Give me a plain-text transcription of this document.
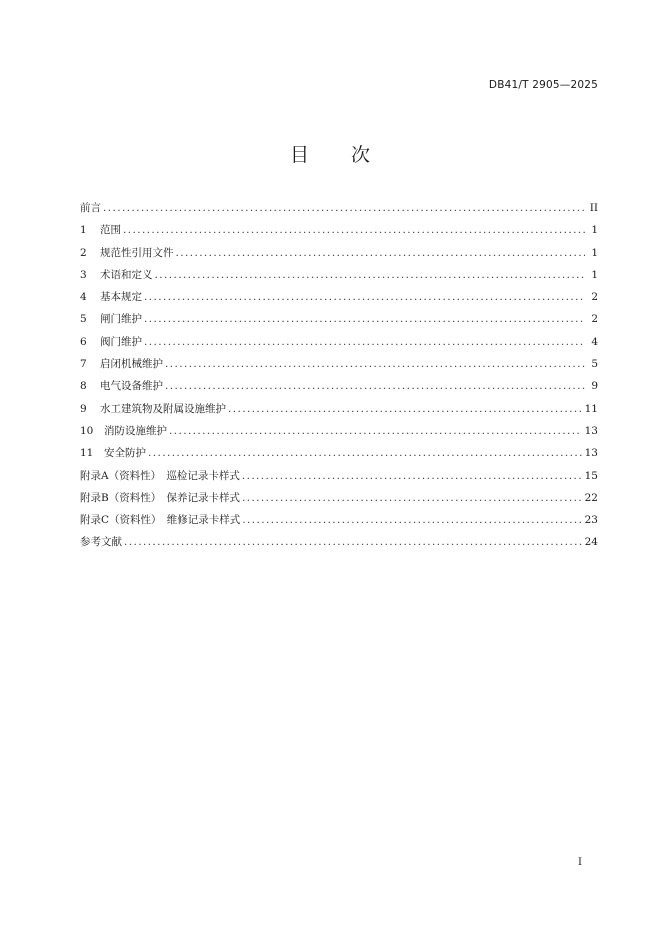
DB41/T 2905—2025
目 次
前言 .....	II
1	范围 .....	1
2	规范性引用文件 .....	1
3	术语和定义 .....	1
4	基本规定 .....	2
5	闸门维护 .....	2
6	阀门维护 .....	4
7	启闭机械维护 .....	5
8	电气设备维护 .....	9
9	水工建筑物及附属设施维护 .....	11
10	消防设施维护 .....	13
11	安全防护 .....	13
附录A（资料性）　巡检记录卡样式 .....	15
附录B（资料性）　保养记录卡样式 .....	22
附录C（资料性）　维修记录卡样式 .....	23
参考文献 .....	24
I
